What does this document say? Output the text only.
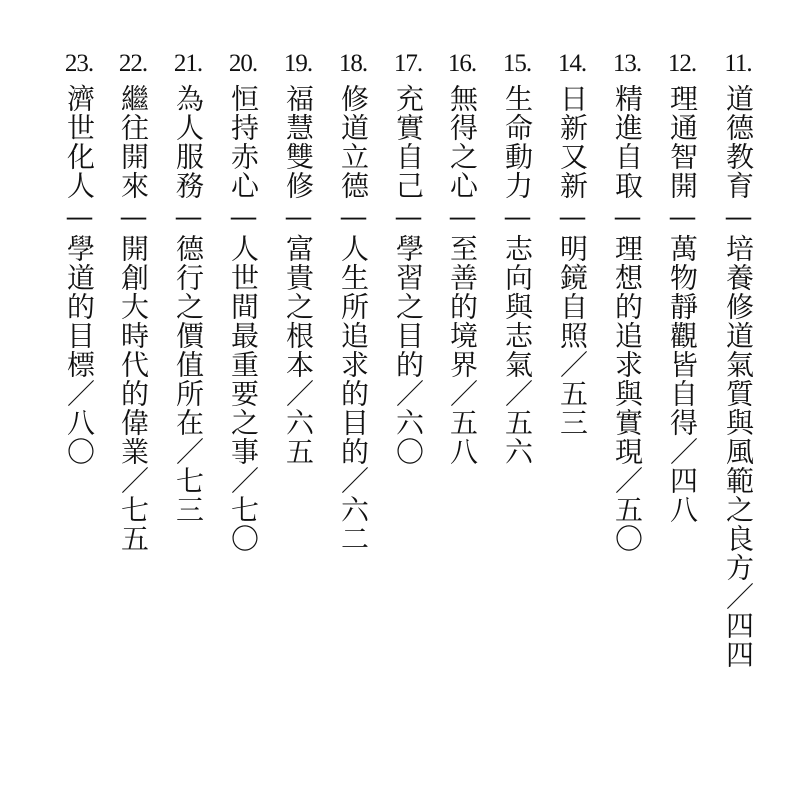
11.
道德教育—培養修道氣質與風範之良方／四四
12.
理通智開—萬物靜觀皆自得／四八
13.
精進自取—理想的追求與實現／五〇
14.
日新又新—明鏡自照／五三
15.
生命動力—志向與志氣／五六
16.
無得之心—至善的境界／五八
17.
充實自己—學習之目的／六〇
18.
修道立德—人生所追求的目的／六二
19.
福慧雙修—富貴之根本／六五
20.
恒持赤心—人世間最重要之事／七〇
21.
為人服務—德行之價值所在／七三
22.
繼往開來—開創大時代的偉業／七五
23.
濟世化人—學道的目標／八〇
